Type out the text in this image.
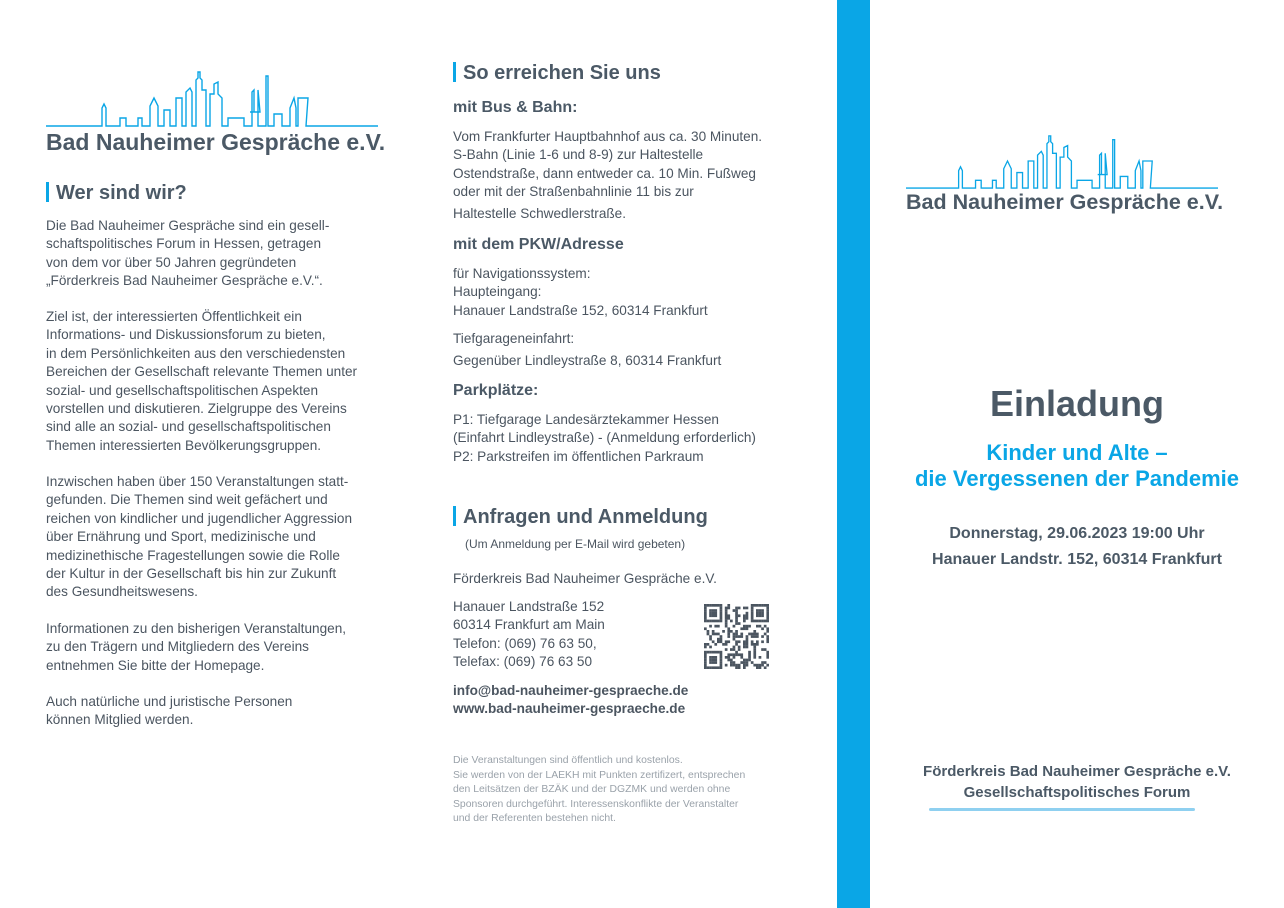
Bad Nauheimer Gespräche e.V.
Wer sind wir?

Die Bad Nauheimer Gespräche sind ein gesell-
schaftspolitisches Forum in Hessen, getragen
von dem vor über 50 Jahren gegründeten
„Förderkreis Bad Nauheimer Gespräche e.V.“.

Ziel ist, der interessierten Öffentlichkeit ein
Informations- und Diskussionsforum zu bieten,
in dem Persönlichkeiten aus den verschiedensten
Bereichen der Gesellschaft relevante Themen unter
sozial- und gesellschaftspolitischen Aspekten
vorstellen und diskutieren. Zielgruppe des Vereins
sind alle an sozial- und gesellschaftspolitischen
Themen interessierten Bevölkerungsgruppen.

Inzwischen haben über 150 Veranstaltungen statt-
gefunden. Die Themen sind weit gefächert und
reichen von kindlicher und jugendlicher Aggression
über Ernährung und Sport, medizinische und
medizinethische Fragestellungen sowie die Rolle
der Kultur in der Gesellschaft bis hin zur Zukunft
des Gesundheitswesens.

Informationen zu den bisherigen Veranstaltungen,
zu den Trägern und Mitgliedern des Vereins
entnehmen Sie bitte der Homepage.

Auch natürliche und juristische Personen
können Mitglied werden.

So erreichen Sie uns
mit Bus & Bahn:

Vom Frankfurter Hauptbahnhof aus ca. 30 Minuten.
S-Bahn (Linie 1-6 und 8-9) zur Haltestelle
Ostendstraße, dann entweder ca. 10 Min. Fußweg
oder mit der Straßenbahnlinie 11 bis zur

Haltestelle Schwedlerstraße.

mit dem PKW/Adresse

für Navigationssystem:
Haupteingang:
Hanauer Landstraße 152, 60314 Frankfurt

Tiefgarageneinfahrt:

Gegenüber Lindleystraße 8, 60314 Frankfurt

Parkplätze:

P1: Tiefgarage Landesärztekammer Hessen
(Einfahrt Lindleystraße) - (Anmeldung erforderlich)
P2: Parkstreifen im öffentlichen Parkraum

Anfragen und Anmeldung

(Um Anmeldung per E-Mail wird gebeten)

Förderkreis Bad Nauheimer Gespräche e.V.

Hanauer Landstraße 152
60314 Frankfurt am Main
Telefon: (069) 76 63 50,
Telefax: (069) 76 63 50

info@bad-nauheimer-gespraeche.de

www.bad-nauheimer-gespraeche.de

Die Veranstaltungen sind öffentlich und kostenlos.
Sie werden von der LAEKH mit Punkten zertifizert, entsprechen
den Leitsätzen der BZÄK und der DGZMK und werden ohne
Sponsoren durchgeführt. Interessenskonflikte der Veranstalter
und der Referenten bestehen nicht.

Bad Nauheimer Gespräche e.V.
Einladung
Kinder und Alte –
die Vergessenen der Pandemie
Donnerstag, 29.06.2023 19:00 Uhr
Hanauer Landstr. 152, 60314 Frankfurt
Förderkreis Bad Nauheimer Gespräche e.V.
Gesellschaftspolitisches Forum
